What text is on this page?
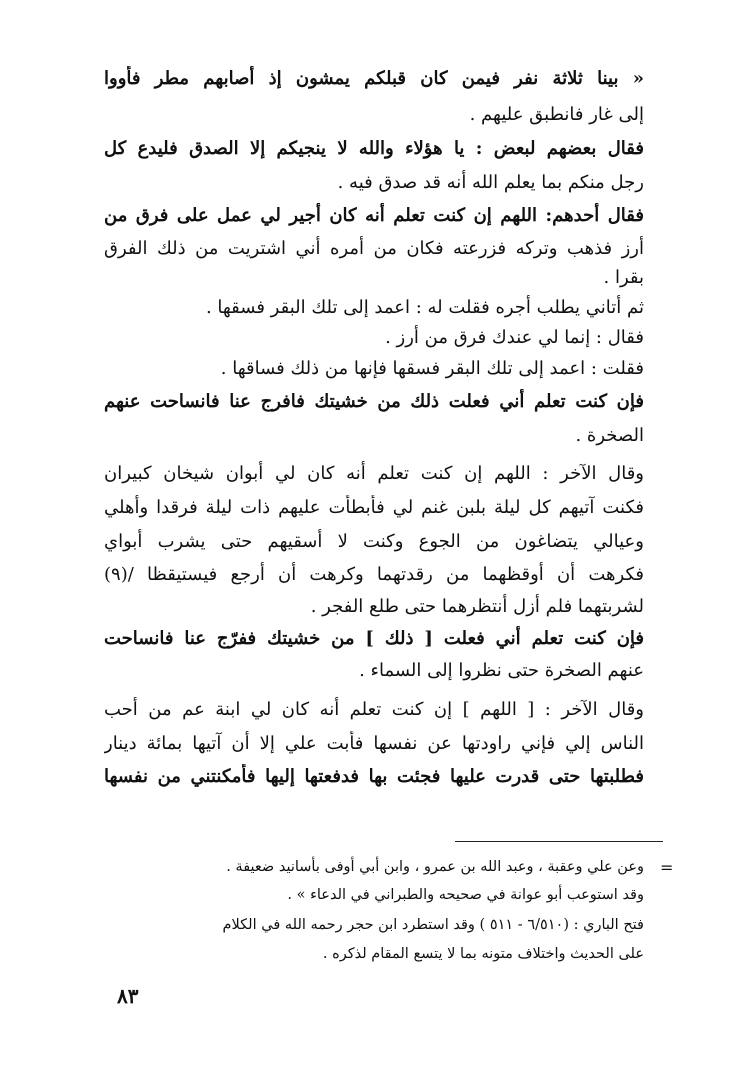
« بينا ثلاثة نفر فيمن كان قبلكم يمشون إذ أصابهم مطر فأووا
إلى غار فانطبق عليهم .
فقال بعضهم لبعض : يا هؤلاء والله لا ينجيكم إلا الصدق فليدع كل
رجل منكم بما يعلم الله أنه قد صدق فيه .
فقال أحدهم: اللهم إن كنت تعلم أنه كان أجير لي عمل على فرق من
أرز فذهب وتركه فزرعته فكان من أمره أني اشتريت من ذلك الفرق
بقرا .
ثم أتاني يطلب أجره فقلت له : اعمد إلى تلك البقر فسقها .
فقال : إنما لي عندك فرق من أرز .
فقلت : اعمد إلى تلك البقر فسقها فإنها من ذلك فساقها .
فإن كنت تعلم أني فعلت ذلك من خشيتك فافرج عنا فانساحت عنهم
الصخرة .
وقال الآخر : اللهم إن كنت تعلم أنه كان لي أبوان شيخان كبيران
فكنت آتيهم كل ليلة بلبن غنم لي فأبطأت عليهم ذات ليلة فرقدا وأهلي
وعيالي يتضاغون من الجوع وكنت لا أسقيهم حتى يشرب أبواي
فكرهت أن أوقظهما من رقدتهما وكرهت أن أرجع فيستيقظا /(٩)
لشربتهما فلم أزل أنتظرهما حتى طلع الفجر .
فإن كنت تعلم أني فعلت [ ذلك ] من خشيتك ففرّج عنا فانساحت
عنهم الصخرة حتى نظروا إلى السماء .
وقال الآخر : [ اللهم ] إن كنت تعلم أنه كان لي ابنة عم من أحب
الناس إلي فإني راودتها عن نفسها فأبت علي إلا أن آتيها بمائة دينار
فطلبتها حتى قدرت عليها فجئت بها فدفعتها إليها فأمكنتني من نفسها
=
وعن علي وعقبة ، وعبد الله بن عمرو ، وابن أبي أوفى بأسانيد ضعيفة .
وقد استوعب أبو عوانة في صحيحه والطبراني في الدعاء » .
فتح الباري : (٦/٥١٠ - ٥١١ ) وقد استطرد ابن حجر رحمه الله في الكلام
على الحديث واختلاف متونه بما لا يتسع المقام لذكره .
٨٣
